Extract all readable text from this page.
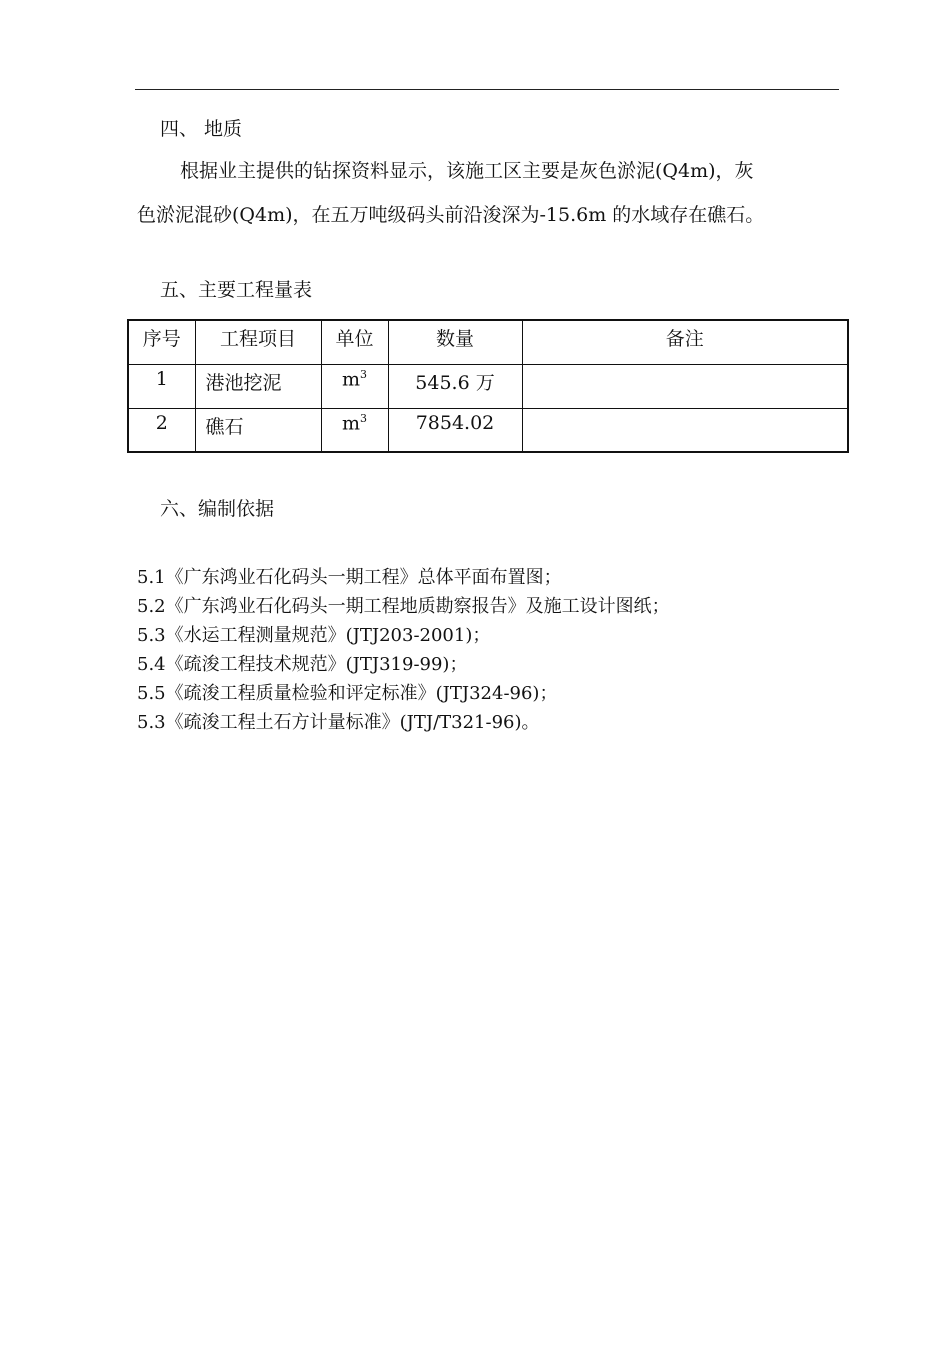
四、 地质
根据业主提供的钻探资料显示，该施工区主要是灰色淤泥(Q4m)，灰
色淤泥混砂(Q4m)，在五万吨级码头前沿浚深为-15.6m 的水域存在礁石。
五、主要工程量表
序号	工程项目	单位	数量	备注
1	港池挖泥	$m^3$	545.6 万	
2	礁石	$m^3$	7854.02	
六、编制依据
5.1《广东鸿业石化码头一期工程》总体平面布置图；
5.2《广东鸿业石化码头一期工程地质勘察报告》及施工设计图纸；
5.3《水运工程测量规范》(JTJ203-2001)；
5.4《疏浚工程技术规范》(JTJ319-99)；
5.5《疏浚工程质量检验和评定标准》(JTJ324-96)；
5.3《疏浚工程土石方计量标准》(JTJ/T321-96)。
